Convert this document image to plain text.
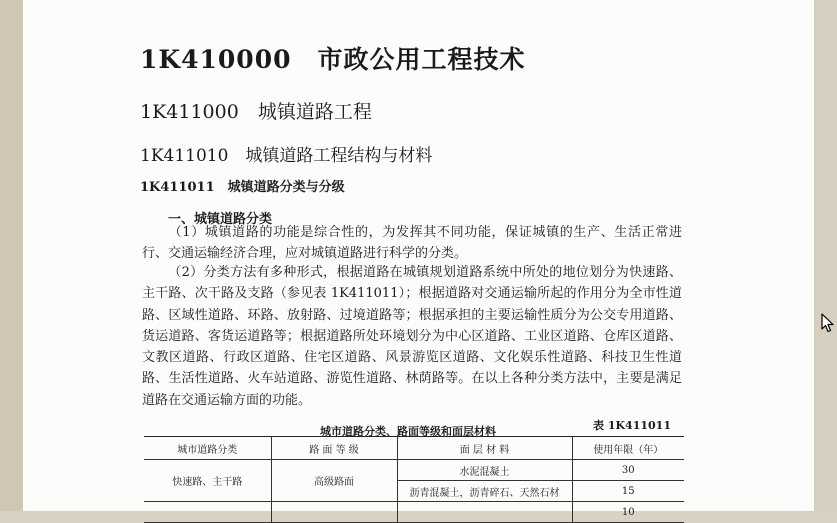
1K410000　市政公用工程技术
1K411000　城镇道路工程
1K411010　城镇道路工程结构与材料
1K411011　城镇道路分类与分级
一、城镇道路分类
（1）城镇道路的功能是综合性的，为发挥其不同功能，保证城镇的生产、生活正常进行、交通运输经济合理，应对城镇道路进行科学的分类。
（2）分类方法有多种形式，根据道路在城镇规划道路系统中所处的地位划分为快速路、主干路、次干路及支路（参见表 1K411011）；根据道路对交通运输所起的作用分为全市性道路、区域性道路、环路、放射路、过境道路等；根据承担的主要运输性质分为公交专用道路、货运道路、客货运道路等；根据道路所处环境划分为中心区道路、工业区道路、仓库区道路、文教区道路、行政区道路、住宅区道路、风景游览区道路、文化娱乐性道路、科技卫生性道路、生活性道路、火车站道路、游览性道路、林荫路等。在以上各种分类方法中，主要是满足道路在交通运输方面的功能。
城市道路分类、路面等级和面层材料	表 1K411011
城市道路分类	路 面 等 级	面 层 材 料	使用年限（年）
快速路、主干路	高级路面	水泥混凝土	30
		沥青混凝土，沥青碎石、天然石材	15
			10
